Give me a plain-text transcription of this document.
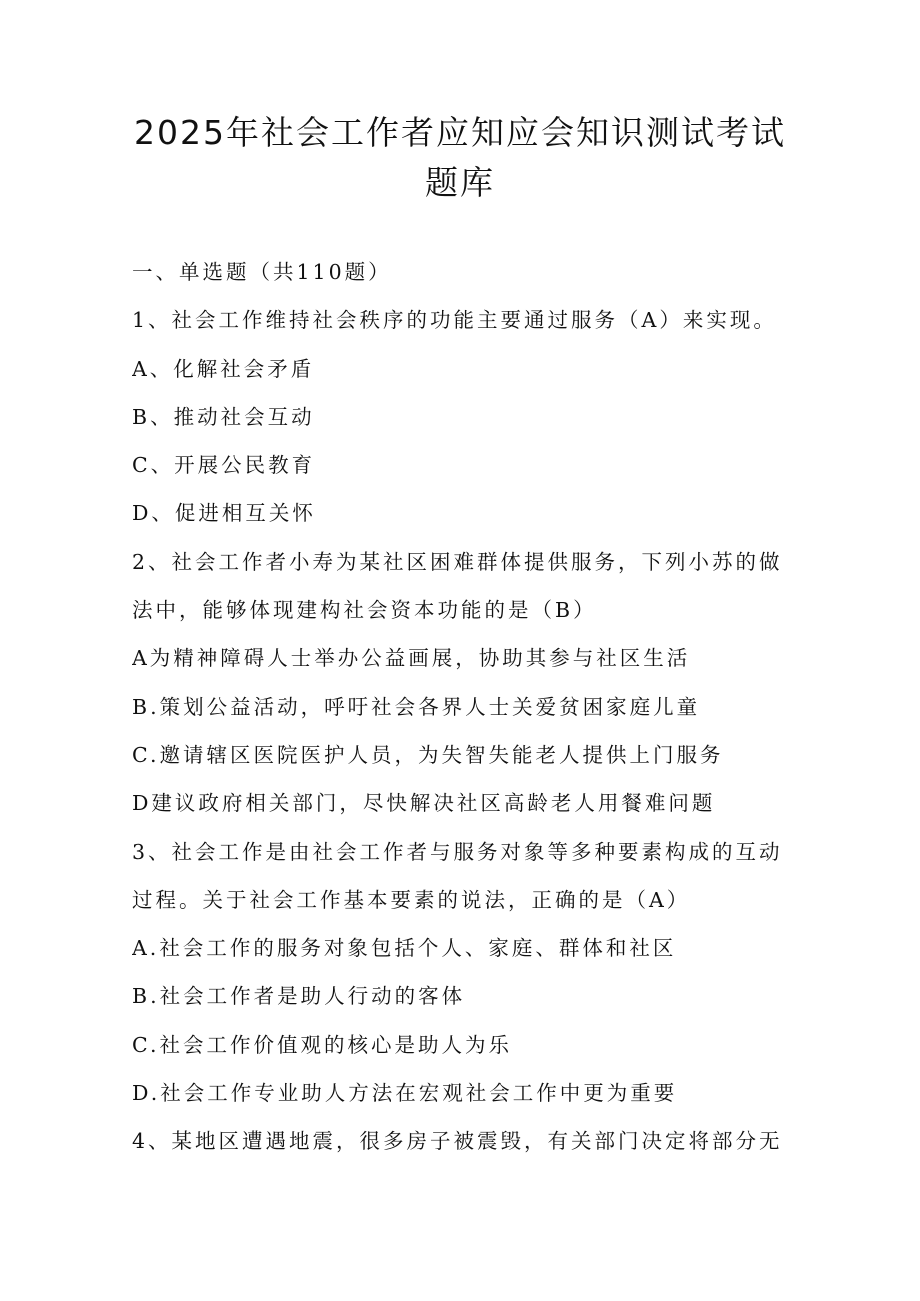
2025年社会工作者应知应会知识测试考试
题库
一、单选题（共110题）
1、社会工作维持社会秩序的功能主要通过服务（A）来实现。
A、化解社会矛盾
B、推动社会互动
C、开展公民教育
D、促进相互关怀
2、社会工作者小寿为某社区困难群体提供服务，下列小苏的做
法中，能够体现建构社会资本功能的是（B）
A为精神障碍人士举办公益画展，协助其参与社区生活
B.策划公益活动，呼吁社会各界人士关爱贫困家庭儿童
C.邀请辖区医院医护人员，为失智失能老人提供上门服务
D建议政府相关部门，尽快解决社区高龄老人用餐难问题
3、社会工作是由社会工作者与服务对象等多种要素构成的互动
过程。关于社会工作基本要素的说法，正确的是（A）
A.社会工作的服务对象包括个人、家庭、群体和社区
B.社会工作者是助人行动的客体
C.社会工作价值观的核心是助人为乐
D.社会工作专业助人方法在宏观社会工作中更为重要
4、某地区遭遇地震，很多房子被震毁，有关部门决定将部分无
